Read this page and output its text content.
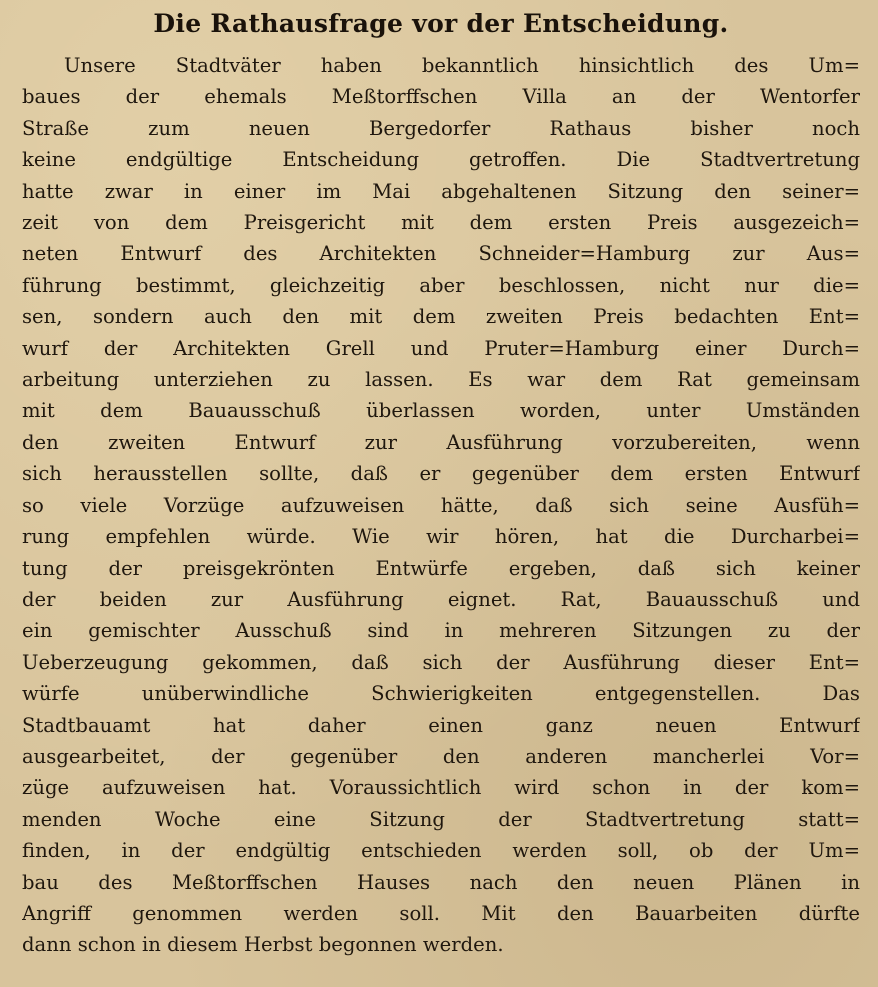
Die Rathausfrage vor der Entscheidung.
Unsere Stadtväter haben bekanntlich hinsichtlich des Um=
baues der ehemals Meßtorffschen Villa an der Wentorfer
Straße zum neuen Bergedorfer Rathaus bisher noch
keine endgültige Entscheidung getroffen. Die Stadtvertretung
hatte zwar in einer im Mai abgehaltenen Sitzung den seiner=
zeit von dem Preisgericht mit dem ersten Preis ausgezeich=
neten Entwurf des Architekten Schneider=Hamburg zur Aus=
führung bestimmt, gleichzeitig aber beschlossen, nicht nur die=
sen, sondern auch den mit dem zweiten Preis bedachten Ent=
wurf der Architekten Grell und Pruter=Hamburg einer Durch=
arbeitung unterziehen zu lassen. Es war dem Rat gemeinsam
mit dem Bauausschuß überlassen worden, unter Umständen
den zweiten Entwurf zur Ausführung vorzubereiten, wenn
sich herausstellen sollte, daß er gegenüber dem ersten Entwurf
so viele Vorzüge aufzuweisen hätte, daß sich seine Ausfüh=
rung empfehlen würde. Wie wir hören, hat die Durcharbei=
tung der preisgekrönten Entwürfe ergeben, daß sich keiner
der beiden zur Ausführung eignet. Rat, Bauausschuß und
ein gemischter Ausschuß sind in mehreren Sitzungen zu der
Ueberzeugung gekommen, daß sich der Ausführung dieser Ent=
würfe unüberwindliche Schwierigkeiten entgegenstellen. Das
Stadtbauamt hat daher einen ganz neuen Entwurf
ausgearbeitet, der gegenüber den anderen mancherlei Vor=
züge aufzuweisen hat. Voraussichtlich wird schon in der kom=
menden Woche eine Sitzung der Stadtvertretung statt=
finden, in der endgültig entschieden werden soll, ob der Um=
bau des Meßtorffschen Hauses nach den neuen Plänen in
Angriff genommen werden soll. Mit den Bauarbeiten dürfte
dann schon in diesem Herbst begonnen werden.
